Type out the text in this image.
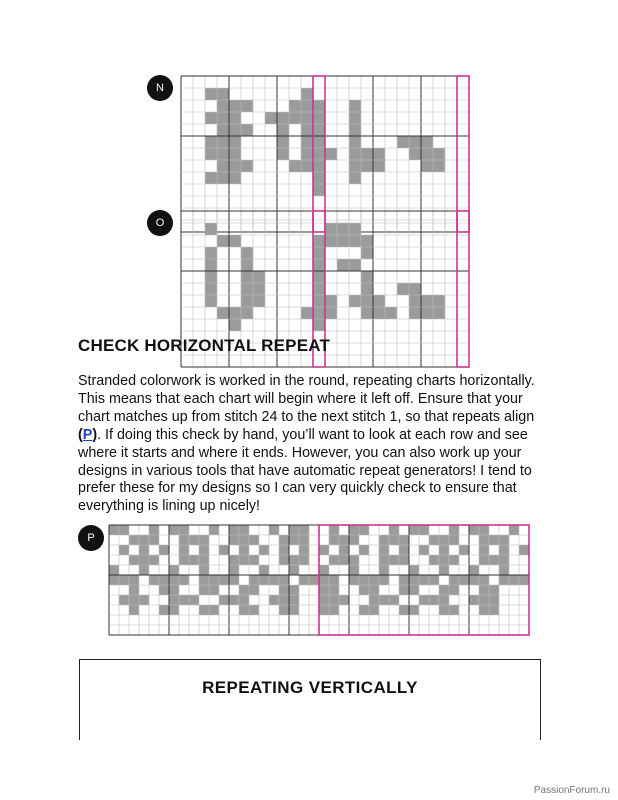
N
O
CHECK HORIZONTAL REPEAT

Stranded colorwork is worked in the round, repeating charts horizontally. This means that each chart will begin where it left off. Ensure that your chart matches up from stitch 24 to the next stitch 1, so that repeats align (P). If doing this check by hand, you’ll want to look at each row and see where it starts and where it ends. However, you can also work up your designs in various tools that have automatic repeat generators! I tend to prefer these for my designs so I can very quickly check to ensure that everything is lining up nicely!

P
REPEATING VERTICALLY
PassionForum.ru
